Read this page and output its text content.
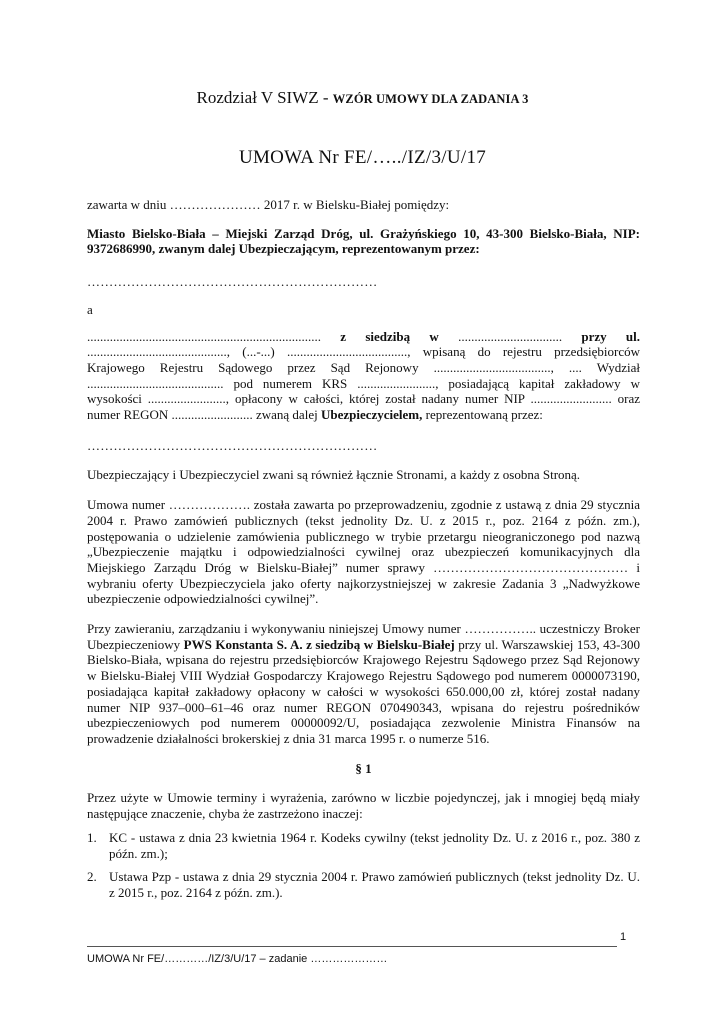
Rozdział V SIWZ - WZÓR UMOWY DLA ZADANIA 3
UMOWA Nr FE/…../IZ/3/U/17

zawarta w dniu ………………… 2017 r. w Bielsku-Białej pomiędzy:

Miasto Bielsko-Biała – Miejski Zarząd Dróg, ul. Grażyńskiego 10, 43-300 Bielsko-Biała, NIP: 9372686990, zwanym dalej Ubezpieczającym, reprezentowanym przez:

…………………………………………………………

a

........................................................................ z siedzibą w ................................ przy ul. ..........................................., (...-...) ....................................., wpisaną do rejestru przedsiębiorców Krajowego Rejestru Sądowego przez Sąd Rejonowy ...................................., .... Wydział .......................................... pod numerem KRS ........................, posiadającą kapitał zakładowy w wysokości ........................, opłacony w całości, której został nadany numer NIP ......................... oraz numer REGON ......................... zwaną dalej Ubezpieczycielem, reprezentowaną przez:

…………………………………………………………

Ubezpieczający i Ubezpieczyciel zwani są również łącznie Stronami, a każdy z osobna Stroną.

Umowa numer ………………. została zawarta po przeprowadzeniu, zgodnie z ustawą z dnia 29 stycznia 2004 r. Prawo zamówień publicznych (tekst jednolity Dz. U. z 2015 r., poz. 2164 z późn. zm.), postępowania o udzielenie zamówienia publicznego w trybie przetargu nieograniczonego pod nazwą „Ubezpieczenie majątku i odpowiedzialności cywilnej oraz ubezpieczeń komunikacyjnych dla Miejskiego Zarządu Dróg w Bielsku-Białej” numer sprawy ……………………………………… i wybraniu oferty Ubezpieczyciela jako oferty najkorzystniejszej w zakresie Zadania 3 „Nadwyżkowe ubezpieczenie odpowiedzialności cywilnej”.

Przy zawieraniu, zarządzaniu i wykonywaniu niniejszej Umowy numer …………….. uczestniczy Broker Ubezpieczeniowy PWS Konstanta S. A. z siedzibą w Bielsku-Białej przy ul. Warszawskiej 153, 43-300 Bielsko-Biała, wpisana do rejestru przedsiębiorców Krajowego Rejestru Sądowego przez Sąd Rejonowy w Bielsku-Białej VIII Wydział Gospodarczy Krajowego Rejestru Sądowego pod numerem 0000073190, posiadająca kapitał zakładowy opłacony w całości w wysokości 650.000,00 zł, której został nadany numer NIP 937–000–61–46 oraz numer REGON 070490343, wpisana do rejestru pośredników ubezpieczeniowych pod numerem 00000092/U, posiadająca zezwolenie Ministra Finansów na prowadzenie działalności brokerskiej z dnia 31 marca 1995 r. o numerze 516.

§ 1

Przez użyte w Umowie terminy i wyrażenia, zarówno w liczbie pojedynczej, jak i mnogiej będą miały następujące znaczenie, chyba że zastrzeżono inaczej:

1. KC - ustawa z dnia 23 kwietnia 1964 r. Kodeks cywilny (tekst jednolity Dz. U. z 2016 r., poz. 380 z późn. zm.);
2. Ustawa Pzp - ustawa z dnia 29 stycznia 2004 r. Prawo zamówień publicznych (tekst jednolity Dz. U. z 2015 r., poz. 2164 z późn. zm.).
1
UMOWA Nr FE/…………/IZ/3/U/17 – zadanie …………………
